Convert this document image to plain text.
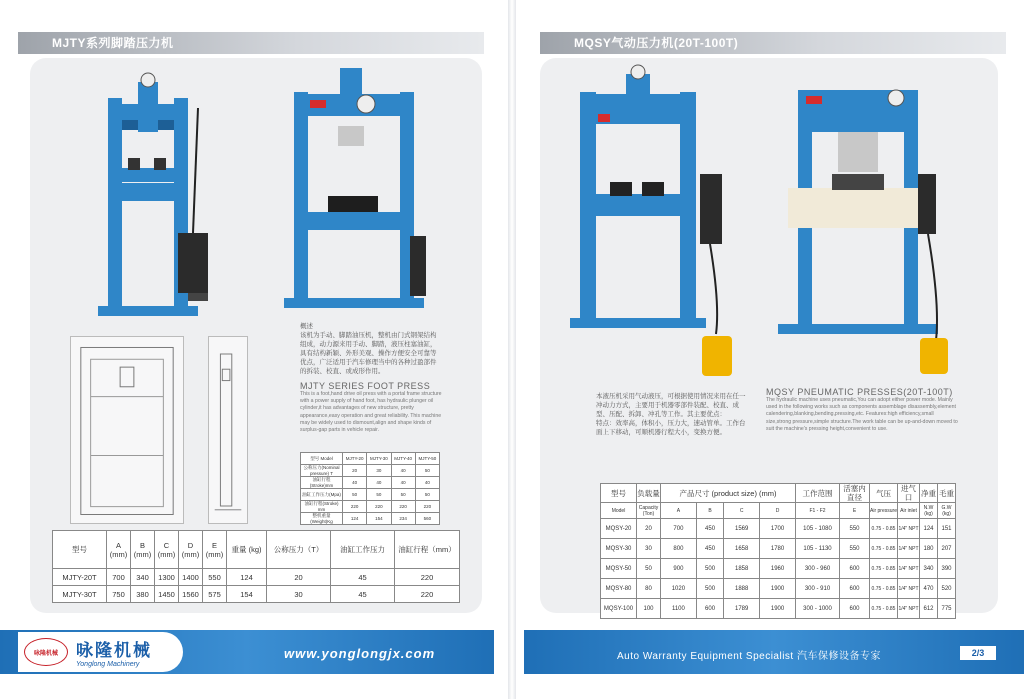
MJTY系列脚踏压力机
概述
该机为手动、脚踏油压机，整机由门式钢架结构组成，动力源来用手动、脚踏，液压柱塞油缸，具有结构新颖、外形美观、操作方便安全可靠等优点，广泛适用于汽车修理当中的各种过盈部件的拆装、校直、或成形作用。
MJTY SERIES FOOT PRESS
This is a foot,hand drive oil press with a portal frame structure with a power supply of hand foot, has hydraulic plunger oil cylinder,it has advantages of new structure, pretty appearance,easy operation and great reliability. This machine may be widely used to dismount,align and shape kinds of surplus-gap parts in vehicle repair.
型号 Model	MJTY-20	MJTY-30	MJTY-40	MJTY-50
公称压力(Nominal pressure) T	20	30	40	50
油缸行程(Stroke)mm	40	40	40	40
油缸工作压力(Mpa)	50	50	50	50
油缸行程(Stroke) mm	220	220	220	220
整机重量(Weight)Kg	124	154	234	560
型号	A (mm)	B (mm)	C (mm)	D (mm)	E (mm)	重量 (kg)	公称压力（T）	油缸工作压力	油缸行程（mm）
MJTY-20T	700	340	1300	1400	550	124	20	45	220
MJTY-30T	750	380	1450	1560	575	154	30	45	220
咏隆机械	咏隆机械
Yonglong Machinery
www.yonglongjx.com
MQSY气动压力机(20T-100T)
本液压机采用气动液压，可根据使用情况来用在任一冲动力方式，主要用于机器零部件装配、校直、成型、压配、拆卸、冲孔等工作。其主要优点：
特点：效率高，体积小，压力大，速动管单。工作台面上下移动，可顺机器行程大小，变换方便。
MQSY PNEUMATIC PRESSES(20T-100T)
The hydraulic machine uses pneumatic,You can adopt either power mode. Mainly used in the following works such as components assemblage disassembly,element calendering,blanking,bending,pressing,etc. Features:high efficiency,small size,strong pressure,simple structure.The work table can be up-and-down moved to suit the machine's pressing height,convenient to use.
型号	负载量	产品尺寸 (product size) (mm)				工作范围	活塞内直径	气压	进气口	净重	毛重
Model	Capacity (Ton)	A	B	C	D	F1 - F2	E	Air pressure	Air inlet	N.W (kg)	G.W (kg)
MQSY-20	20	700	450	1569	1700	105 - 1080	550	0.75 - 0.85	1/4" NPT	124	151
MQSY-30	30	800	450	1658	1780	105 - 1130	550	0.75 - 0.85	1/4" NPT	180	207
MQSY-50	50	900	500	1858	1960	300 - 960	600	0.75 - 0.85	1/4" NPT	340	390
MQSY-80	80	1020	500	1888	1900	300 - 910	600	0.75 - 0.85	1/4" NPT	470	520
MQSY-100	100	1100	600	1789	1900	300 - 1000	600	0.75 - 0.85	1/4" NPT	612	775
Auto Warranty Equipment Specialist 汽车保修设备专家	2/3
